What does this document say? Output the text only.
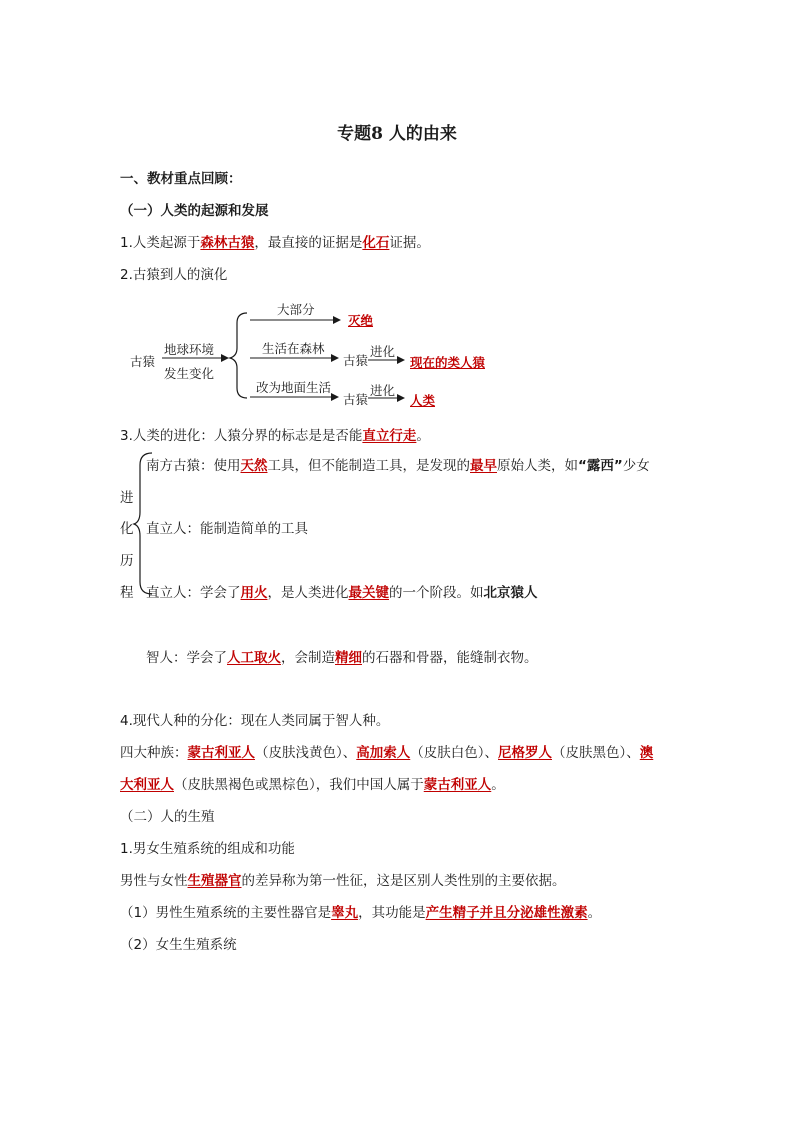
专题8 人的由来
一、教材重点回顾：
（一）人类的起源和发展
1.人类起源于森林古猿，最直接的证据是化石证据。
2.古猿到人的演化
古猿
地球环境
发生变化
大部分
灭绝
生活在森林
古猿
进化
现在的类人猿
改为地面生活
古猿
进化
人类
3.人类的进化：人猿分界的标志是是否能直立行走。
进
化
历
程
南方古猿：使用天然工具，但不能制造工具，是发现的最早原始人类，如“露西”少女
直立人：能制造简单的工具
直立人：学会了用火，是人类进化最关键的一个阶段。如北京猿人
智人：学会了人工取火，会制造精细的石器和骨器，能缝制衣物。
4.现代人种的分化：现在人类同属于智人种。
四大种族：蒙古利亚人（皮肤浅黄色）、高加索人（皮肤白色）、尼格罗人（皮肤黑色）、澳
大利亚人（皮肤黑褐色或黑棕色），我们中国人属于蒙古利亚人。
（二）人的生殖
1.男女生殖系统的组成和功能
男性与女性生殖器官的差异称为第一性征，这是区别人类性别的主要依据。
（1）男性生殖系统的主要性器官是睾丸，其功能是产生精子并且分泌雄性激素。
（2）女生生殖系统
